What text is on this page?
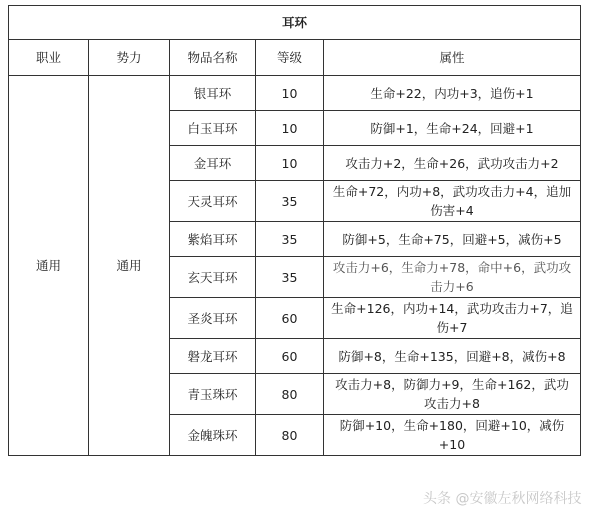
耳环				
职业	势力	物品名称	等级	属性
通用	通用	银耳环	10	生命+22，内功+3，追伤+1
		白玉耳环	10	防御+1，生命+24，回避+1
		金耳环	10	攻击力+2，生命+26，武功攻击力+2
		天灵耳环	35	生命+72，内功+8，武功攻击力+4，追加伤害+4
		紫焰耳环	35	防御+5，生命+75，回避+5，减伤+5
		玄天耳环	35	攻击力+6，生命力+78，命中+6，武功攻击力+6
		圣炎耳环	60	生命+126，内功+14，武功攻击力+7，追伤+7
		磐龙耳环	60	防御+8，生命+135，回避+8，减伤+8
		青玉珠环	80	攻击力+8，防御力+9，生命+162，武功攻击力+8
		金魄珠环	80	防御+10，生命+180，回避+10，减伤+10
头条 @安徽左秋网络科技
